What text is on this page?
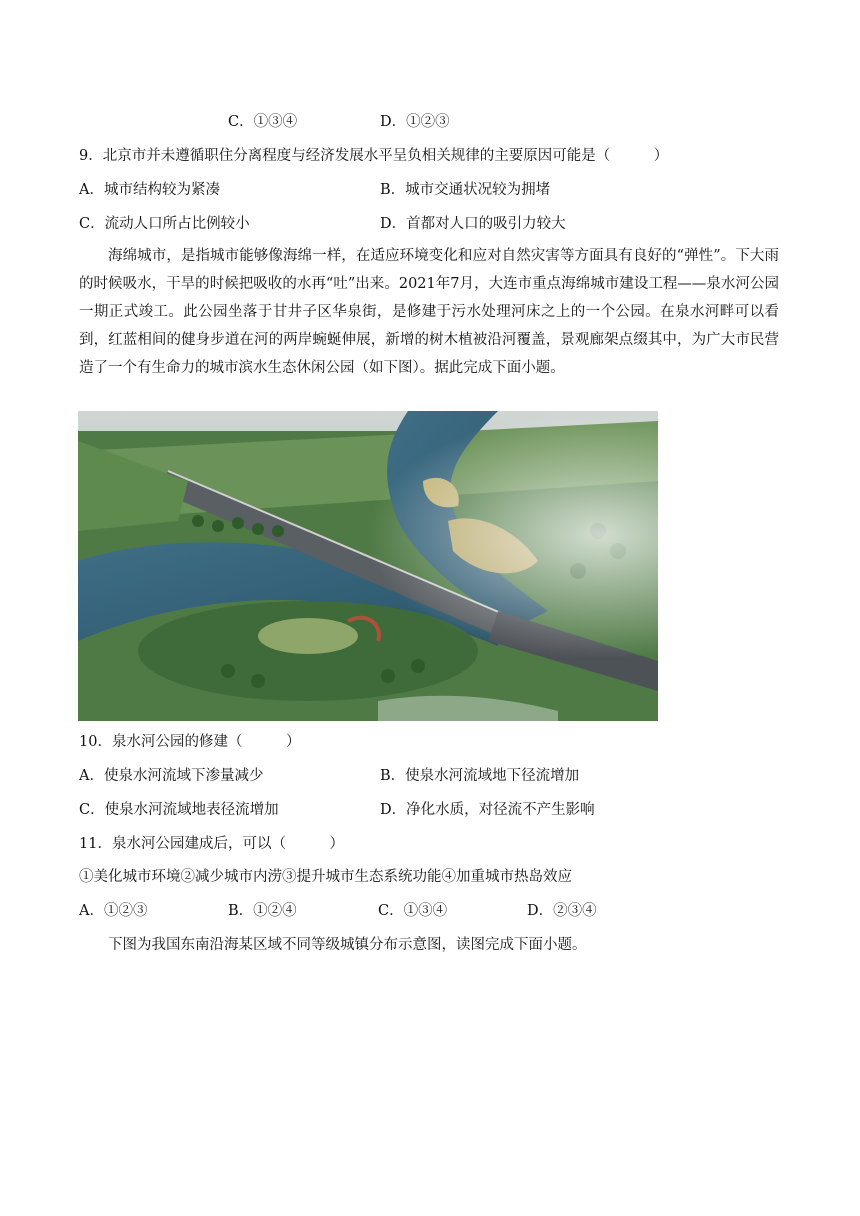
C．①③④	D．①②③
9．北京市并未遵循职住分离程度与经济发展水平呈负相关规律的主要原因可能是（　　　）
A．城市结构较为紧凑	B．城市交通状况较为拥堵
C．流动人口所占比例较小	D．首都对人口的吸引力较大

海绵城市，是指城市能够像海绵一样，在适应环境变化和应对自然灾害等方面具有良好的“弹性”。下大雨的时候吸水，干旱的时候把吸收的水再“吐”出来。2021年7月，大连市重点海绵城市建设工程——泉水河公园一期正式竣工。此公园坐落于甘井子区华泉街，是修建于污水处理河床之上的一个公园。在泉水河畔可以看到，红蓝相间的健身步道在河的两岸蜿蜒伸展，新增的树木植被沿河覆盖，景观廊架点缀其中，为广大市民营造了一个有生命力的城市滨水生态休闲公园（如下图）。据此完成下面小题。

10．泉水河公园的修建（　　　）
A．使泉水河流域下渗量减少	B．使泉水河流域地下径流增加
C．使泉水河流域地表径流增加	D．净化水质，对径流不产生影响
11．泉水河公园建成后，可以（　　　）
①美化城市环境②减少城市内涝③提升城市生态系统功能④加重城市热岛效应
A．①②③	B．①②④	C．①③④	D．②③④
下图为我国东南沿海某区域不同等级城镇分布示意图，读图完成下面小题。
